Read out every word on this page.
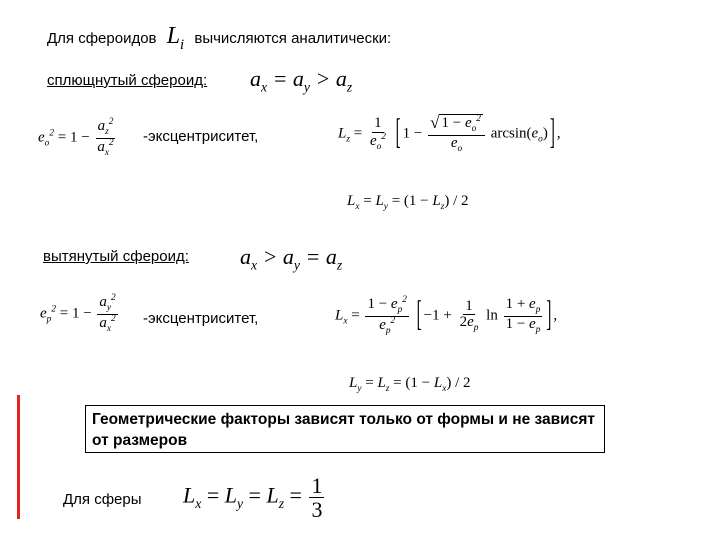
Для сфероидов $L_i$ вычисляются аналитически:
сплющнутый сфероид: $a_x = a_y > a_z$
$e_o^2 = 1 - \frac{a_z^2}{a_x^2}$ -эксцентриситет,	$L_z = \frac{1}{e_o^2}$ [ $1 - \frac{√ 1 - e_o^2}{e_o} \arcsin(e_o)$ ] ,
$L_x = L_y = (1 - L_z) / 2$
вытянутый сфероид: $a_x > a_y = a_z$
$e_p^2 = 1 - \frac{a_y^2}{a_x^2}$ -эксцентриситет,	$L_x = \frac{1 - e_p^2}{e_p^2}$ [ $-1 + \frac{1}{2e_p}$ $\ln \frac{1 + e_p}{1 - e_p}$ ] ,
$L_y = L_z = (1 - L_x) / 2$
Геометрические факторы зависят только от формы и не зависят от размеров
Для сферы $L_x = L_y = L_z = \frac{1}{3}$
